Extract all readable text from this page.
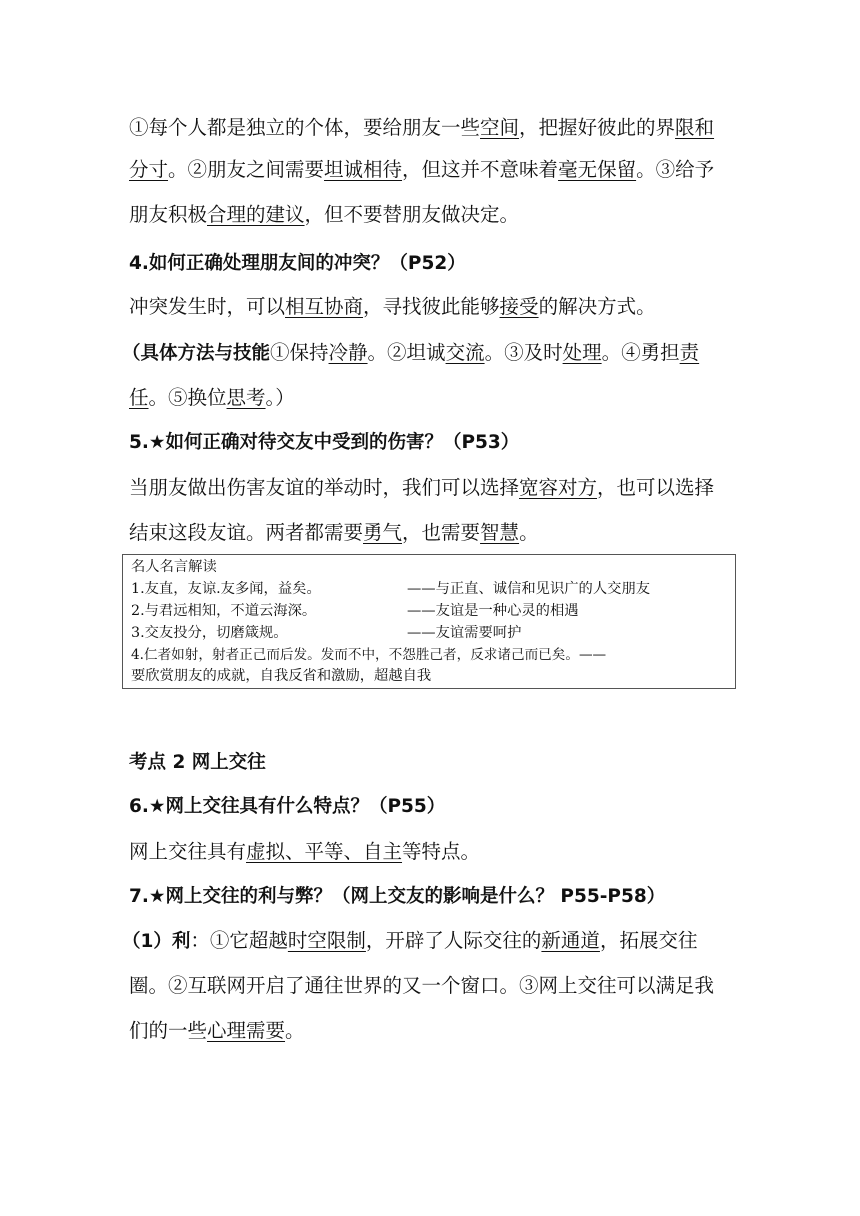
①每个人都是独立的个体，要给朋友一些空间，把握好彼此的界限和
分寸。②朋友之间需要坦诚相待，但这并不意味着毫无保留。③给予
朋友积极合理的建议，但不要替朋友做决定。
4.如何正确处理朋友间的冲突？（P52）
冲突发生时，可以相互协商，寻找彼此能够接受的解决方式。
（具体方法与技能①保持冷静。②坦诚交流。③及时处理。④勇担责
任。⑤换位思考。）
5.★如何正确对待交友中受到的伤害？（P53）
当朋友做出伤害友谊的举动时，我们可以选择宽容对方，也可以选择
结束这段友谊。两者都需要勇气，也需要智慧。
名人名言解读
1.友直，友谅.友多闻，益矣。	——与正直、诚信和见识广的人交朋友
2.与君远相知，不道云海深。	——友谊是一种心灵的相遇
3.交友投分，切磨箴规。	——友谊需要呵护
4.仁者如射，射者正己而后发。发而不中，不怨胜己者，反求诸己而已矣。——
要欣赏朋友的成就，自我反省和激励，超越自我
考点 2 网上交往
6.★网上交往具有什么特点？（P55）
网上交往具有虚拟、平等、自主等特点。
7.★网上交往的利与弊？（网上交友的影响是什么？ P55-P58）
（1）利：①它超越时空限制，开辟了人际交往的新通道，拓展交往
圈。②互联网开启了通往世界的又一个窗口。③网上交往可以满足我
们的一些心理需要。
